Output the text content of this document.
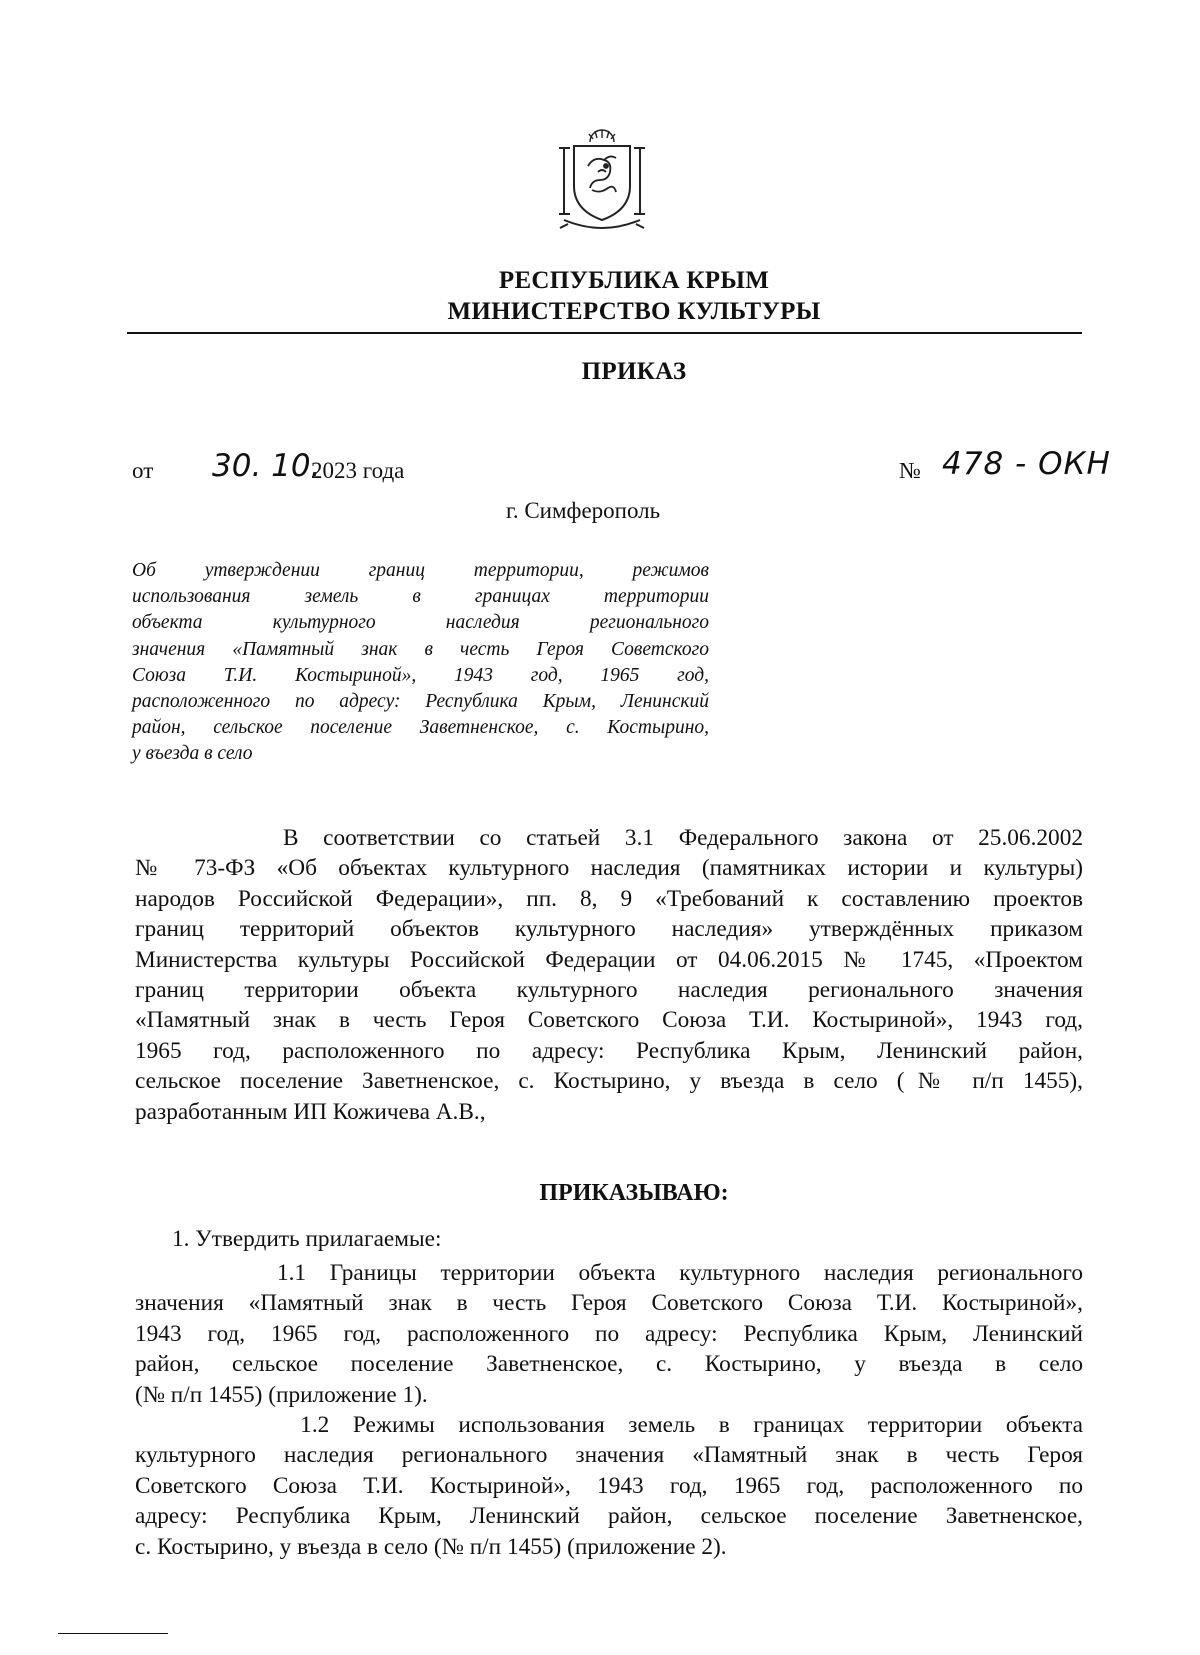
РЕСПУБЛИКА КРЫМ
МИНИСТЕРСТВО КУЛЬТУРЫ
ПРИКАЗ
от 30. 10.
2023 года	№ 478 - ОКН
г. Симферополь
Об утверждении границ территории, режимов
использования земель в границах территории
объекта культурного наследия регионального
значения «Памятный знак в честь Героя Советского
Союза Т.И. Костыриной», 1943 год, 1965 год,
расположенного по адресу: Республика Крым, Ленинский
район, сельское поселение Заветненское, с. Костырино,
у въезда в село
В соответствии со статьей 3.1 Федерального закона от 25.06.2002
№ 73-ФЗ «Об объектах культурного наследия (памятниках истории и культуры)
народов Российской Федерации», пп. 8, 9 «Требований к составлению проектов
границ территорий объектов культурного наследия» утверждённых приказом
Министерства культуры Российской Федерации от 04.06.2015 № 1745, «Проектом
границ территории объекта культурного наследия регионального значения
«Памятный знак в честь Героя Советского Союза Т.И. Костыриной», 1943 год,
1965 год, расположенного по адресу: Республика Крым, Ленинский район,
сельское поселение Заветненское, с. Костырино, у въезда в село (№ п/п 1455),
разработанным ИП Кожичева А.В.,
ПРИКАЗЫВАЮ:
1. Утвердить прилагаемые:
1.1 Границы территории объекта культурного наследия регионального
значения «Памятный знак в честь Героя Советского Союза Т.И. Костыриной»,
1943 год, 1965 год, расположенного по адресу: Республика Крым, Ленинский
район, сельское поселение Заветненское, с. Костырино, у въезда в село
(№ п/п 1455) (приложение 1).
1.2 Режимы использования земель в границах территории объекта
культурного наследия регионального значения «Памятный знак в честь Героя
Советского Союза Т.И. Костыриной», 1943 год, 1965 год, расположенного по
адресу: Республика Крым, Ленинский район, сельское поселение Заветненское,
с. Костырино, у въезда в село (№ п/п 1455) (приложение 2).
